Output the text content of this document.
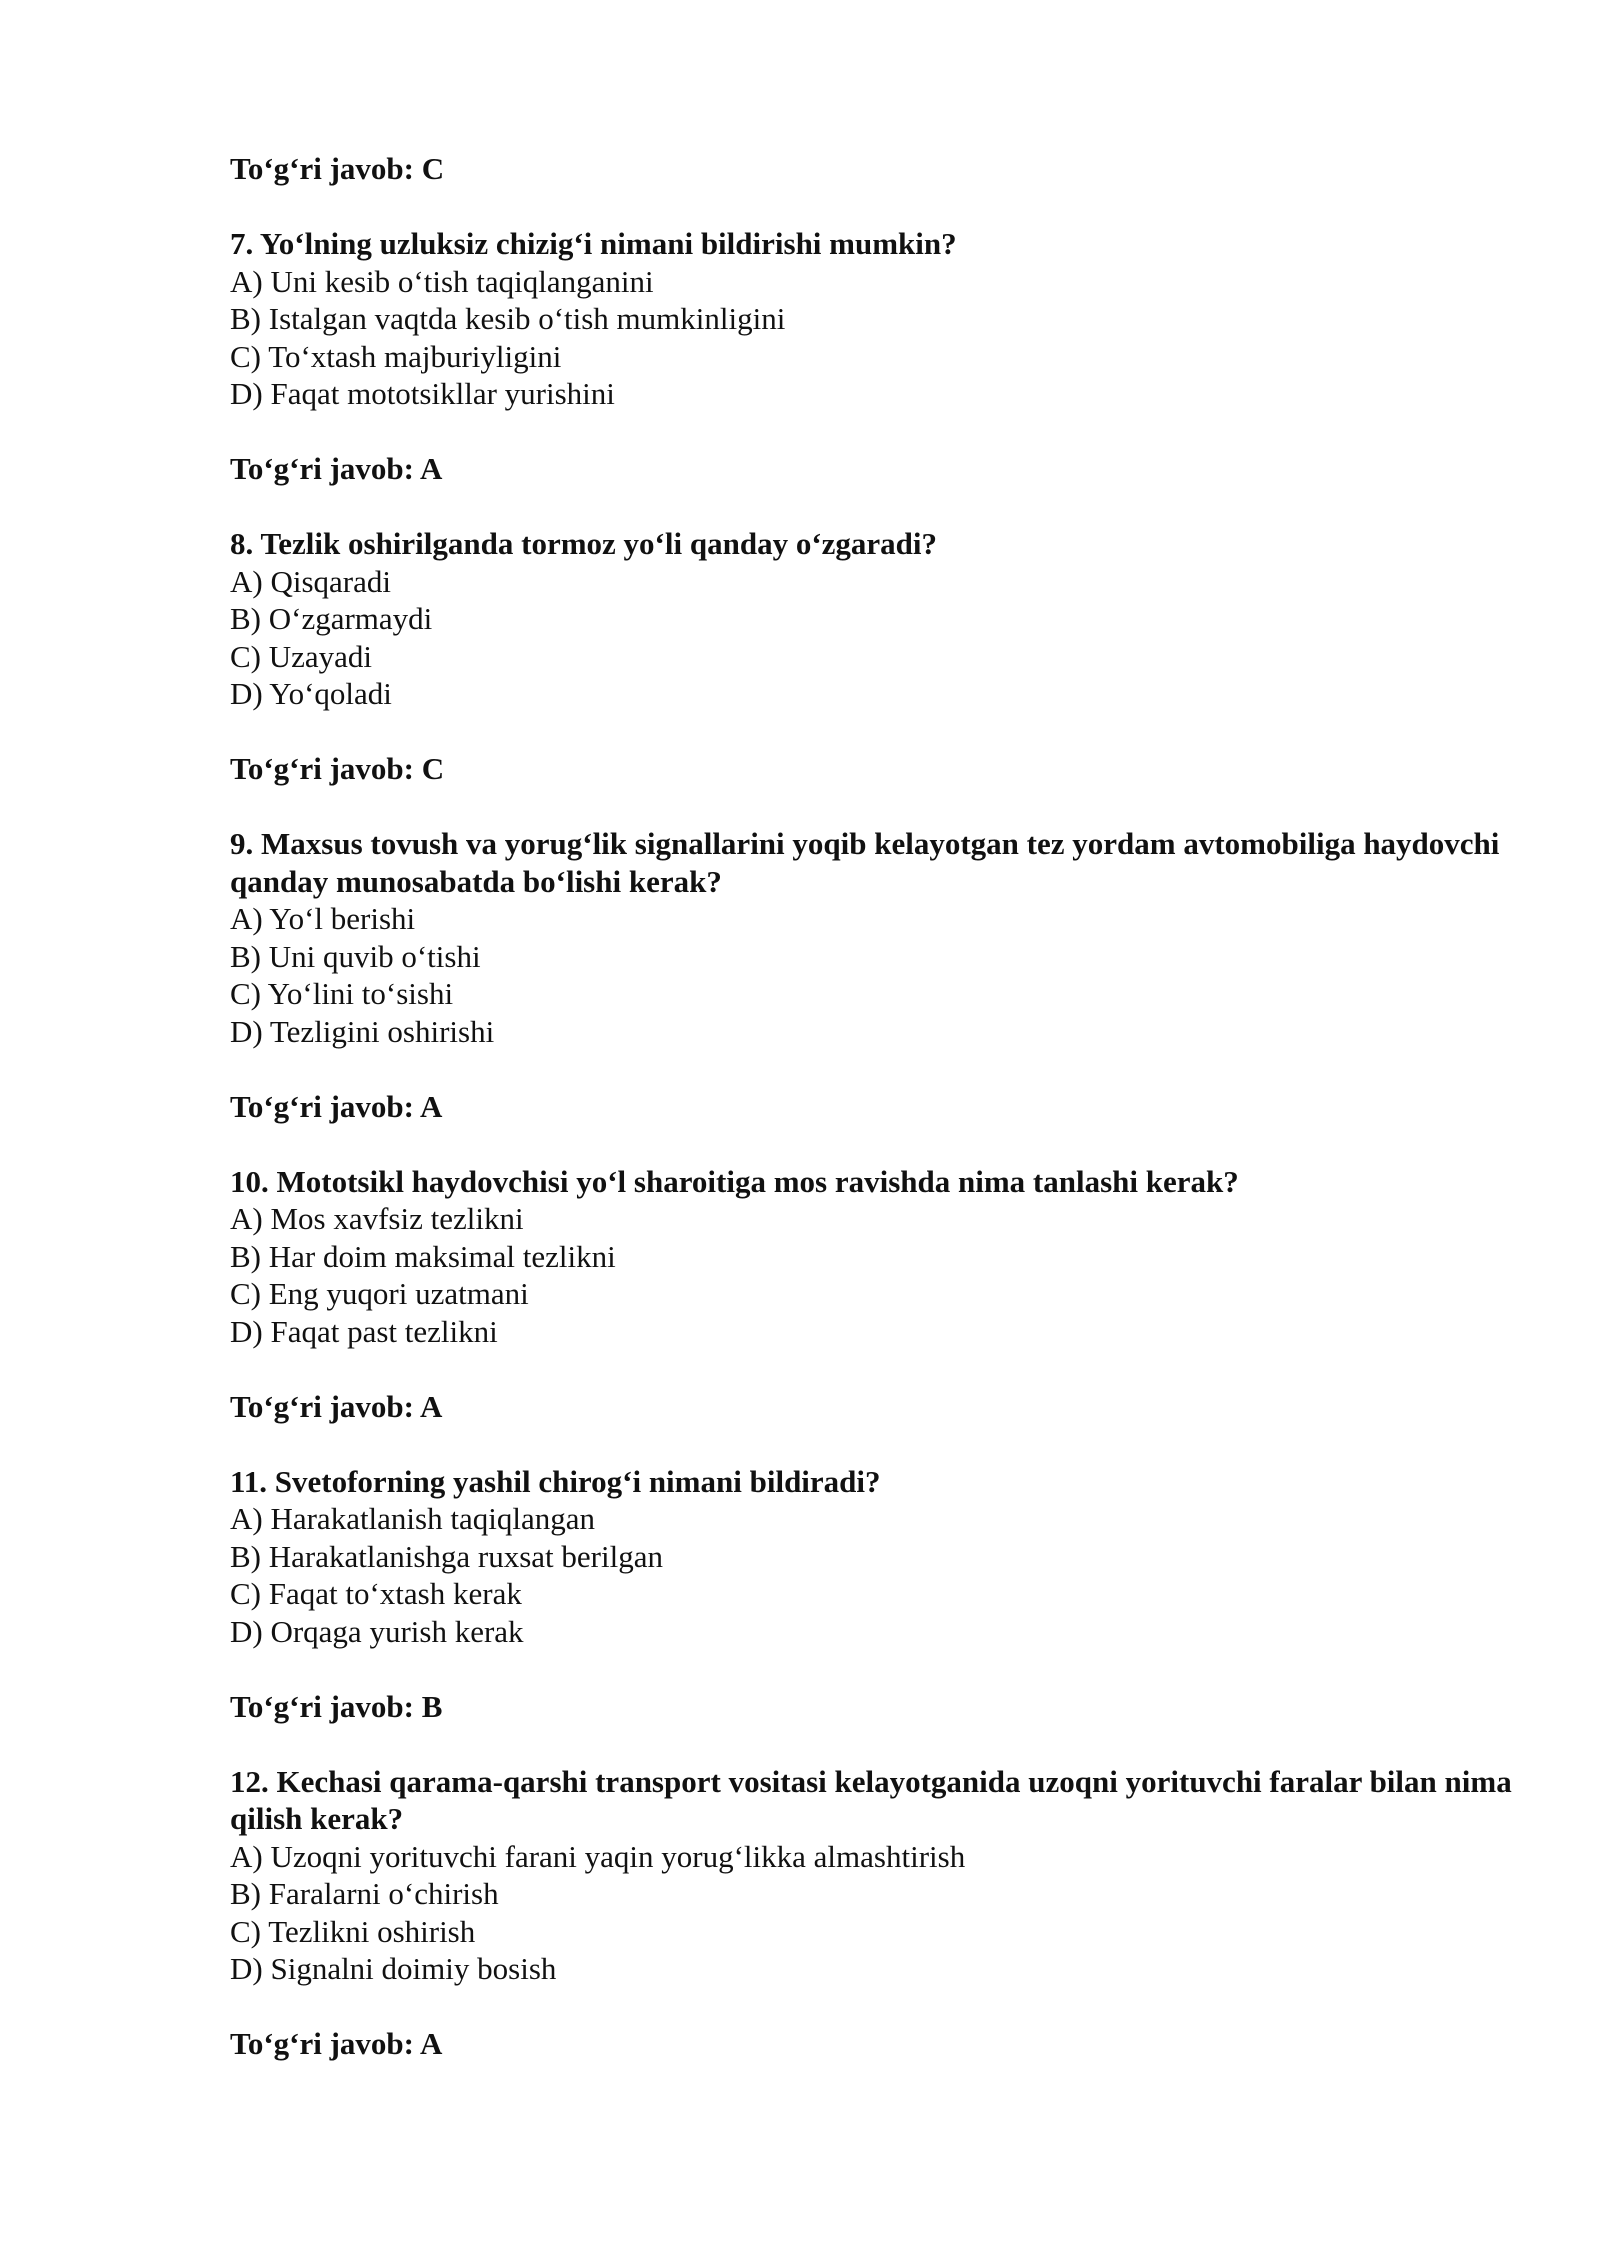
To‘g‘ri javob: C

7. Yo‘lning uzluksiz chizig‘i nimani bildirishi mumkin?

A) Uni kesib o‘tish taqiqlanganini

B) Istalgan vaqtda kesib o‘tish mumkinligini

C) To‘xtash majburiyligini

D) Faqat mototsikllar yurishini

To‘g‘ri javob: A

8. Tezlik oshirilganda tormoz yo‘li qanday o‘zgaradi?

A) Qisqaradi

B) O‘zgarmaydi

C) Uzayadi

D) Yo‘qoladi

To‘g‘ri javob: C

9. Maxsus tovush va yorug‘lik signallarini yoqib kelayotgan tez yordam avtomobiliga haydovchi qanday munosabatda bo‘lishi kerak?

A) Yo‘l berishi

B) Uni quvib o‘tishi

C) Yo‘lini to‘sishi

D) Tezligini oshirishi

To‘g‘ri javob: A

10. Mototsikl haydovchisi yo‘l sharoitiga mos ravishda nima tanlashi kerak?

A) Mos xavfsiz tezlikni

B) Har doim maksimal tezlikni

C) Eng yuqori uzatmani

D) Faqat past tezlikni

To‘g‘ri javob: A

11. Svetoforning yashil chirog‘i nimani bildiradi?

A) Harakatlanish taqiqlangan

B) Harakatlanishga ruxsat berilgan

C) Faqat to‘xtash kerak

D) Orqaga yurish kerak

To‘g‘ri javob: B

12. Kechasi qarama-qarshi transport vositasi kelayotganida uzoqni yorituvchi faralar bilan nima qilish kerak?

A) Uzoqni yorituvchi farani yaqin yorug‘likka almashtirish

B) Faralarni o‘chirish

C) Tezlikni oshirish

D) Signalni doimiy bosish

To‘g‘ri javob: A
